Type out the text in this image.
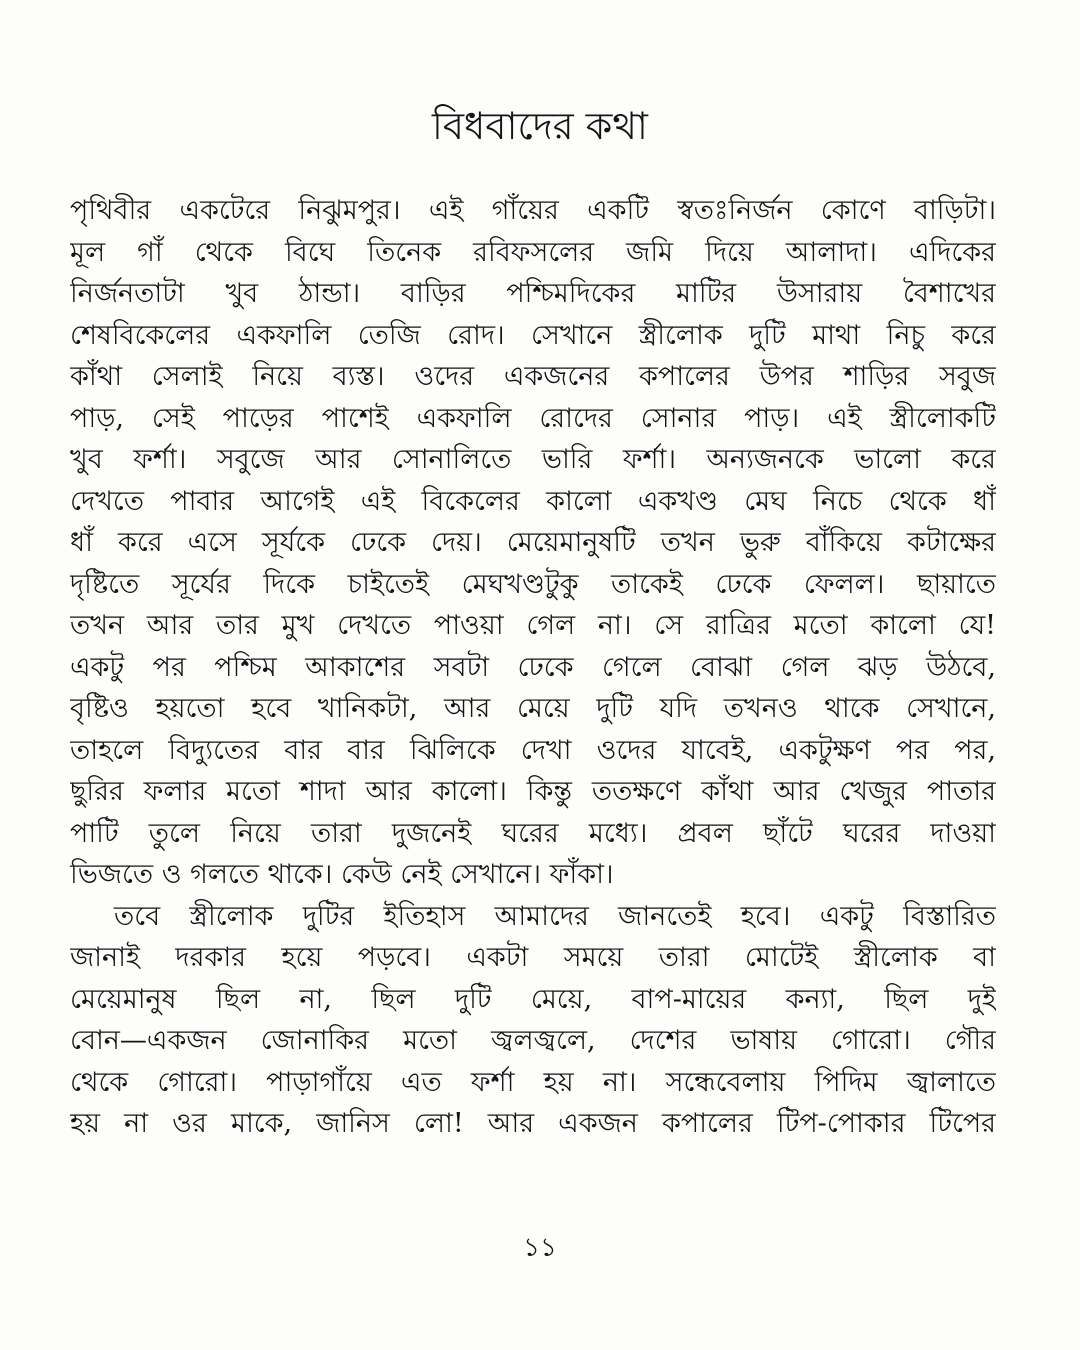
বিধবাদের কথা

পৃথিবীর একটেরে নিঝুমপুর। এই গাঁয়ের একটি স্বতঃনির্জন কোণে বাড়িটা।
মূল গাঁ থেকে বিঘে তিনেক রবিফসলের জমি দিয়ে আলাদা। এদিকের
নির্জনতাটা খুব ঠান্ডা। বাড়ির পশ্চিমদিকের মাটির উসারায় বৈশাখের
শেষবিকেলের একফালি তেজি রোদ। সেখানে স্ত্রীলোক দুটি মাথা নিচু করে
কাঁথা সেলাই নিয়ে ব্যস্ত। ওদের একজনের কপালের উপর শাড়ির সবুজ
পাড়, সেই পাড়ের পাশেই একফালি রোদের সোনার পাড়। এই স্ত্রীলোকটি
খুব ফর্শা। সবুজে আর সোনালিতে ভারি ফর্শা। অন্যজনকে ভালো করে
দেখতে পাবার আগেই এই বিকেলের কালো একখণ্ড মেঘ নিচে থেকে ধাঁ
ধাঁ করে এসে সূর্যকে ঢেকে দেয়। মেয়েমানুষটি তখন ভুরু বাঁকিয়ে কটাক্ষের
দৃষ্টিতে সূর্যের দিকে চাইতেই মেঘখণ্ডটুকু তাকেই ঢেকে ফেলল। ছায়াতে
তখন আর তার মুখ দেখতে পাওয়া গেল না। সে রাত্রির মতো কালো যে!
একটু পর পশ্চিম আকাশের সবটা ঢেকে গেলে বোঝা গেল ঝড় উঠবে,
বৃষ্টিও হয়তো হবে খানিকটা, আর মেয়ে দুটি যদি তখনও থাকে সেখানে,
তাহলে বিদ্যুতের বার বার ঝিলিকে দেখা ওদের যাবেই, একটুক্ষণ পর পর,
ছুরির ফলার মতো শাদা আর কালো। কিন্তু ততক্ষণে কাঁথা আর খেজুর পাতার
পাটি তুলে নিয়ে তারা দুজনেই ঘরের মধ্যে। প্রবল ছাঁটে ঘরের দাওয়া
ভিজতে ও গলতে থাকে। কেউ নেই সেখানে। ফাঁকা।

তবে স্ত্রীলোক দুটির ইতিহাস আমাদের জানতেই হবে। একটু বিস্তারিত
জানাই দরকার হয়ে পড়বে। একটা সময়ে তারা মোটেই স্ত্রীলোক বা
মেয়েমানুষ ছিল না, ছিল দুটি মেয়ে, বাপ-মায়ের কন্যা, ছিল দুই
বোন—একজন জোনাকির মতো জ্বলজ্বলে, দেশের ভাষায় গোরো। গৌর
থেকে গোরো। পাড়াগাঁয়ে এত ফর্শা হয় না। সন্ধেবেলায় পিদিম জ্বালাতে
হয় না ওর মাকে, জানিস লো! আর একজন কপালের টিপ-পোকার টিপের

১১
